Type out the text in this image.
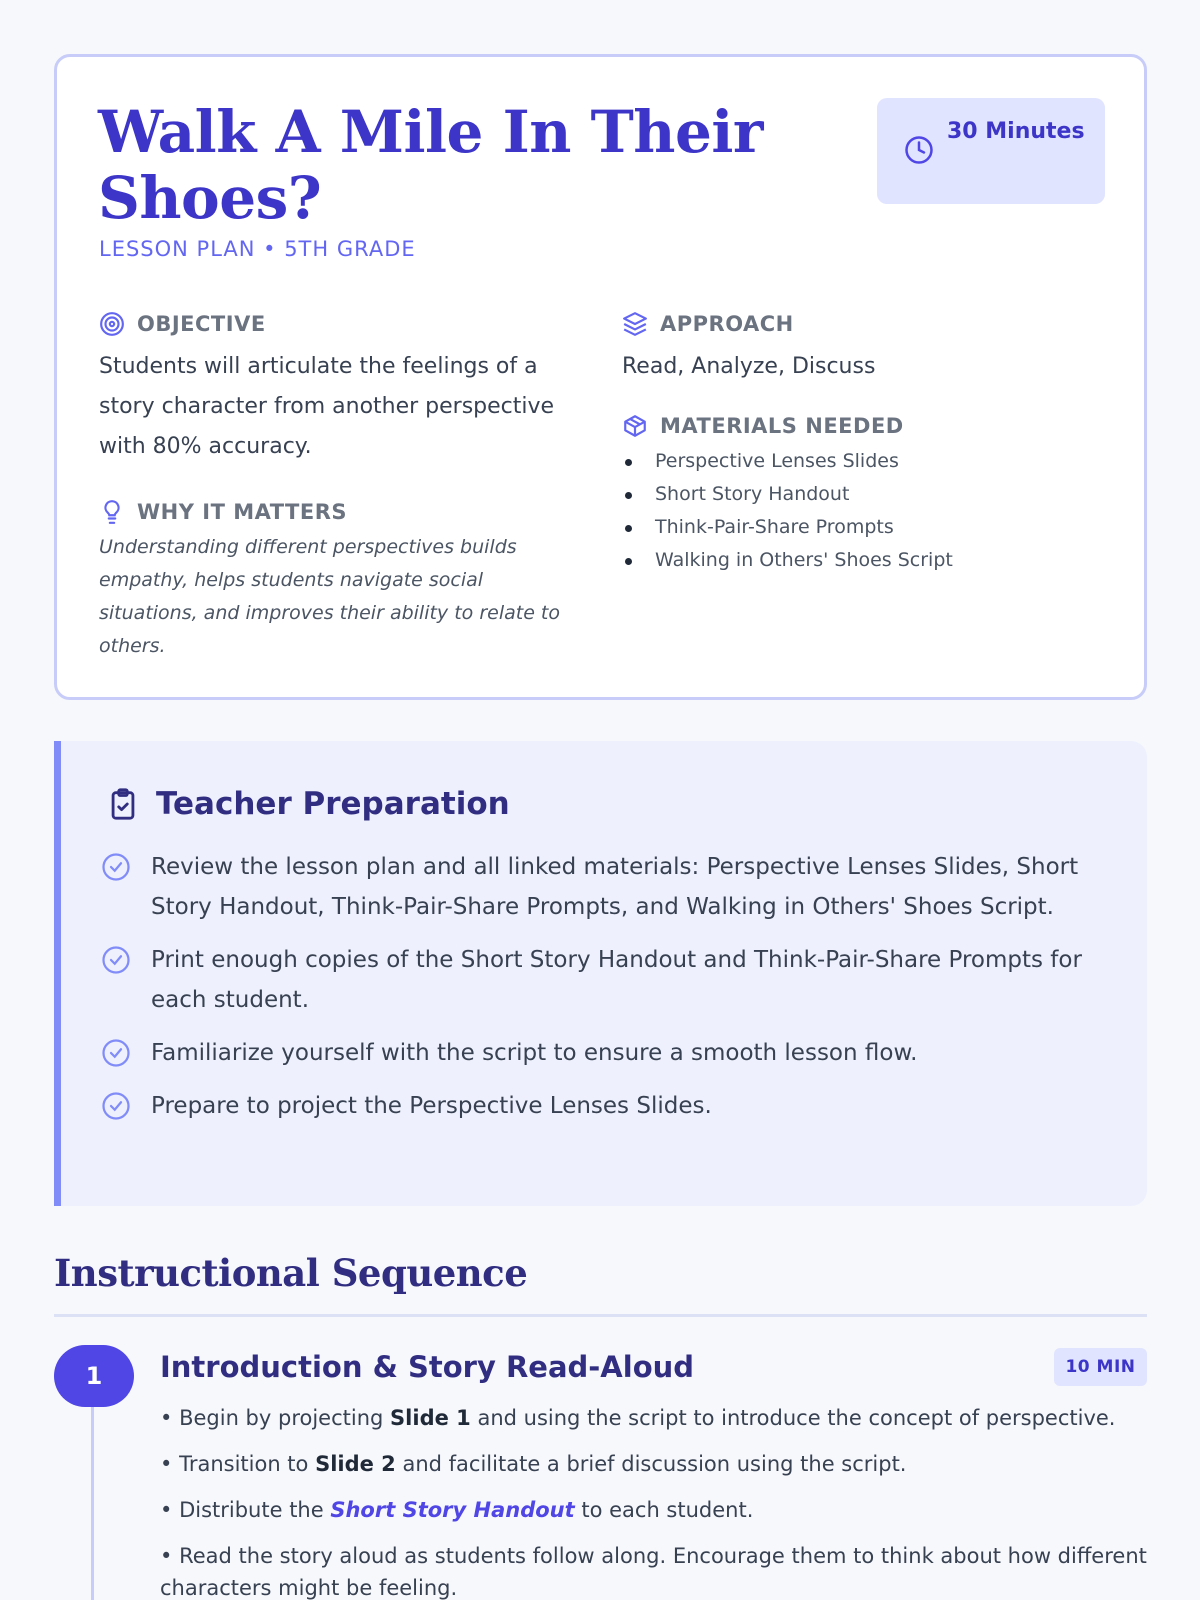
Walk A Mile In Their Shoes?
LESSON PLAN • 5TH GRADE
30 Minutes
OBJECTIVE

Students will articulate the feelings of a story character from another perspective with 80% accuracy.

WHY IT MATTERS

Understanding different perspectives builds empathy, helps students navigate social situations, and improves their ability to relate to others.

APPROACH

Read, Analyze, Discuss

MATERIALS NEEDED
Perspective Lenses Slides
Short Story Handout
Think-Pair-Share Prompts
Walking in Others' Shoes Script
Teacher Preparation
Review the lesson plan and all linked materials: Perspective Lenses Slides, Short Story Handout, Think-Pair-Share Prompts, and Walking in Others' Shoes Script.
Print enough copies of the Short Story Handout and Think-Pair-Share Prompts for each student.
Familiarize yourself with the script to ensure a smooth lesson flow.
Prepare to project the Perspective Lenses Slides.
Instructional Sequence
1	Introduction & Story Read-Aloud	10 MIN
• Begin by projecting Slide 1 and using the script to introduce the concept of perspective.
• Transition to Slide 2 and facilitate a brief discussion using the script.
• Distribute the Short Story Handout to each student.
• Read the story aloud as students follow along. Encourage them to think about how different characters might be feeling.
